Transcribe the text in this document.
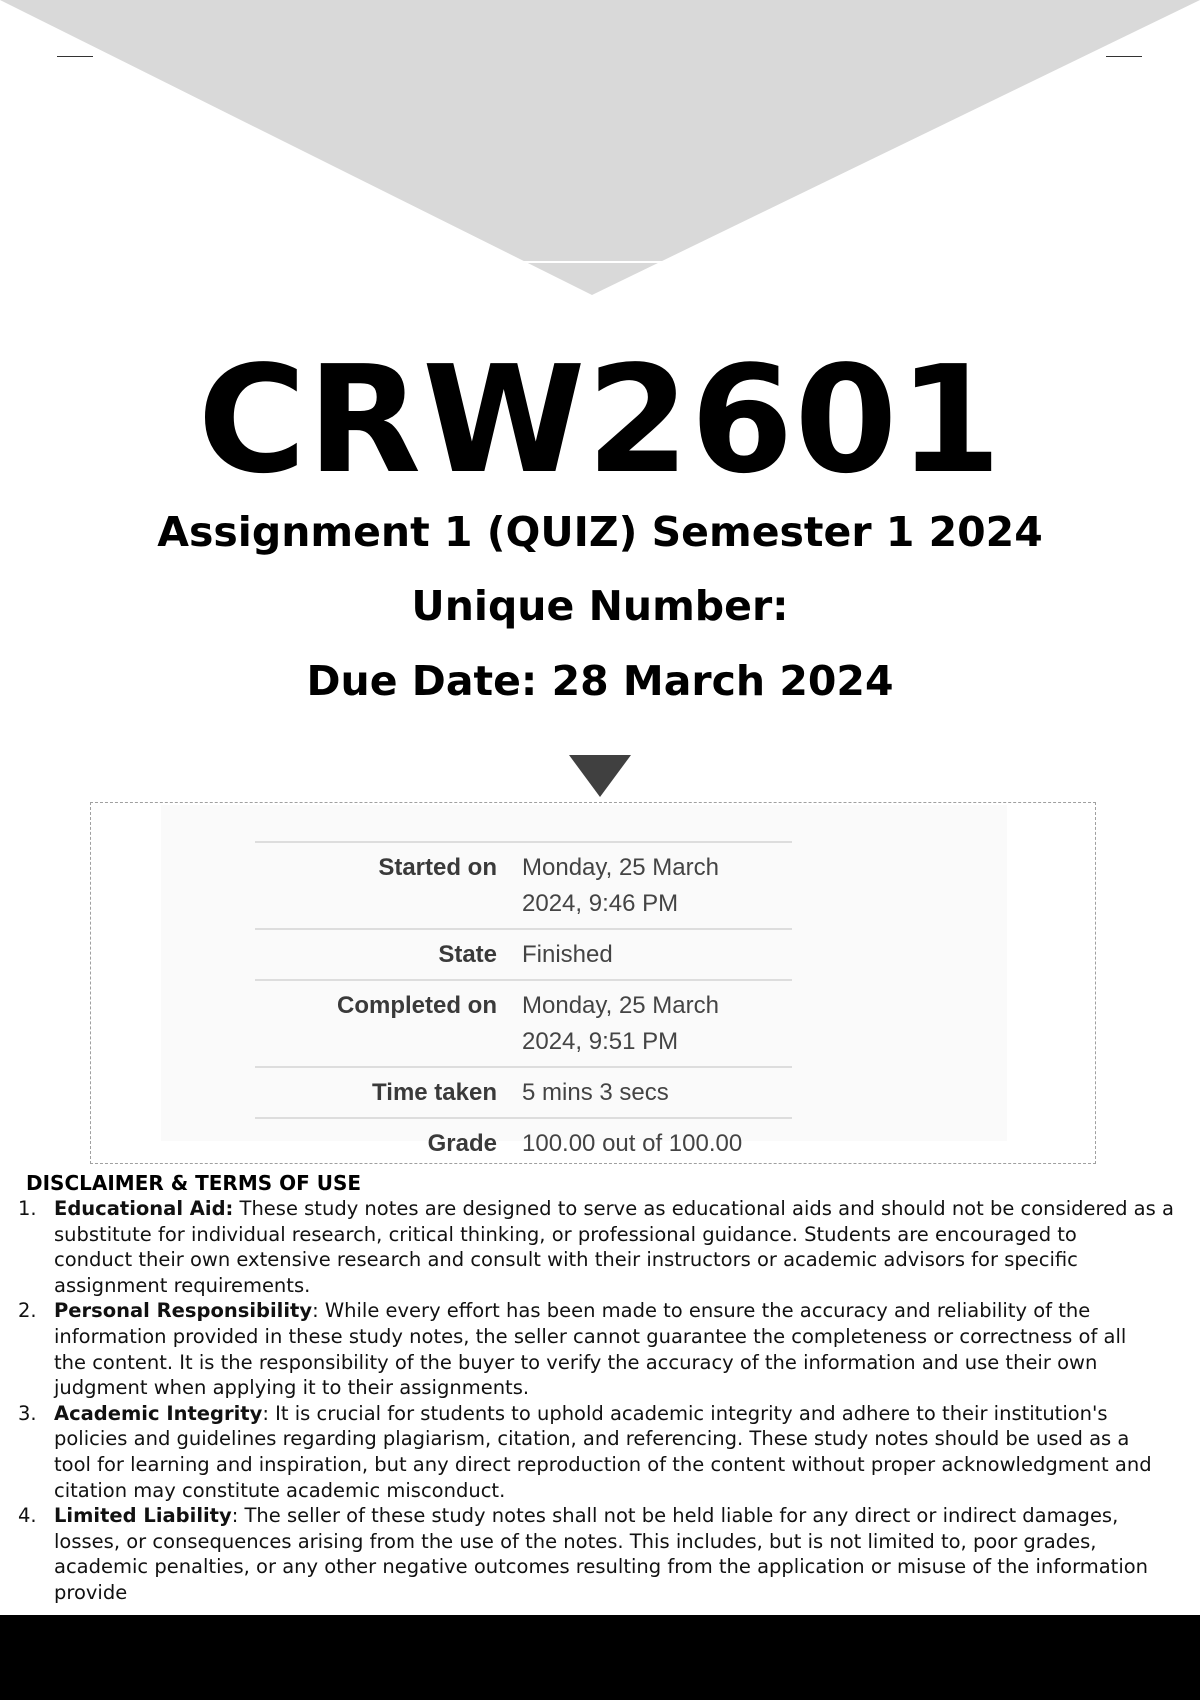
CRW2601
Assignment 1 (QUIZ) Semester 1 2024
Unique Number:
Due Date: 28 March 2024
Started on	Monday, 25 March
2024, 9:46 PM

State	Finished

Completed on	Monday, 25 March
2024, 9:51 PM

Time taken	5 mins 3 secs

Grade	100.00 out of 100.00
DISCLAIMER & TERMS OF USE
1. Educational Aid: These study notes are designed to serve as educational aids and should not be considered as a
substitute for individual research, critical thinking, or professional guidance. Students are encouraged to
conduct their own extensive research and consult with their instructors or academic advisors for specific
assignment requirements.
2. Personal Responsibility: While every effort has been made to ensure the accuracy and reliability of the
information provided in these study notes, the seller cannot guarantee the completeness or correctness of all
the content. It is the responsibility of the buyer to verify the accuracy of the information and use their own
judgment when applying it to their assignments.
3. Academic Integrity: It is crucial for students to uphold academic integrity and adhere to their institution's
policies and guidelines regarding plagiarism, citation, and referencing. These study notes should be used as a
tool for learning and inspiration, but any direct reproduction of the content without proper acknowledgment and
citation may constitute academic misconduct.
4. Limited Liability: The seller of these study notes shall not be held liable for any direct or indirect damages,
losses, or consequences arising from the use of the notes. This includes, but is not limited to, poor grades,
academic penalties, or any other negative outcomes resulting from the application or misuse of the information
provide
